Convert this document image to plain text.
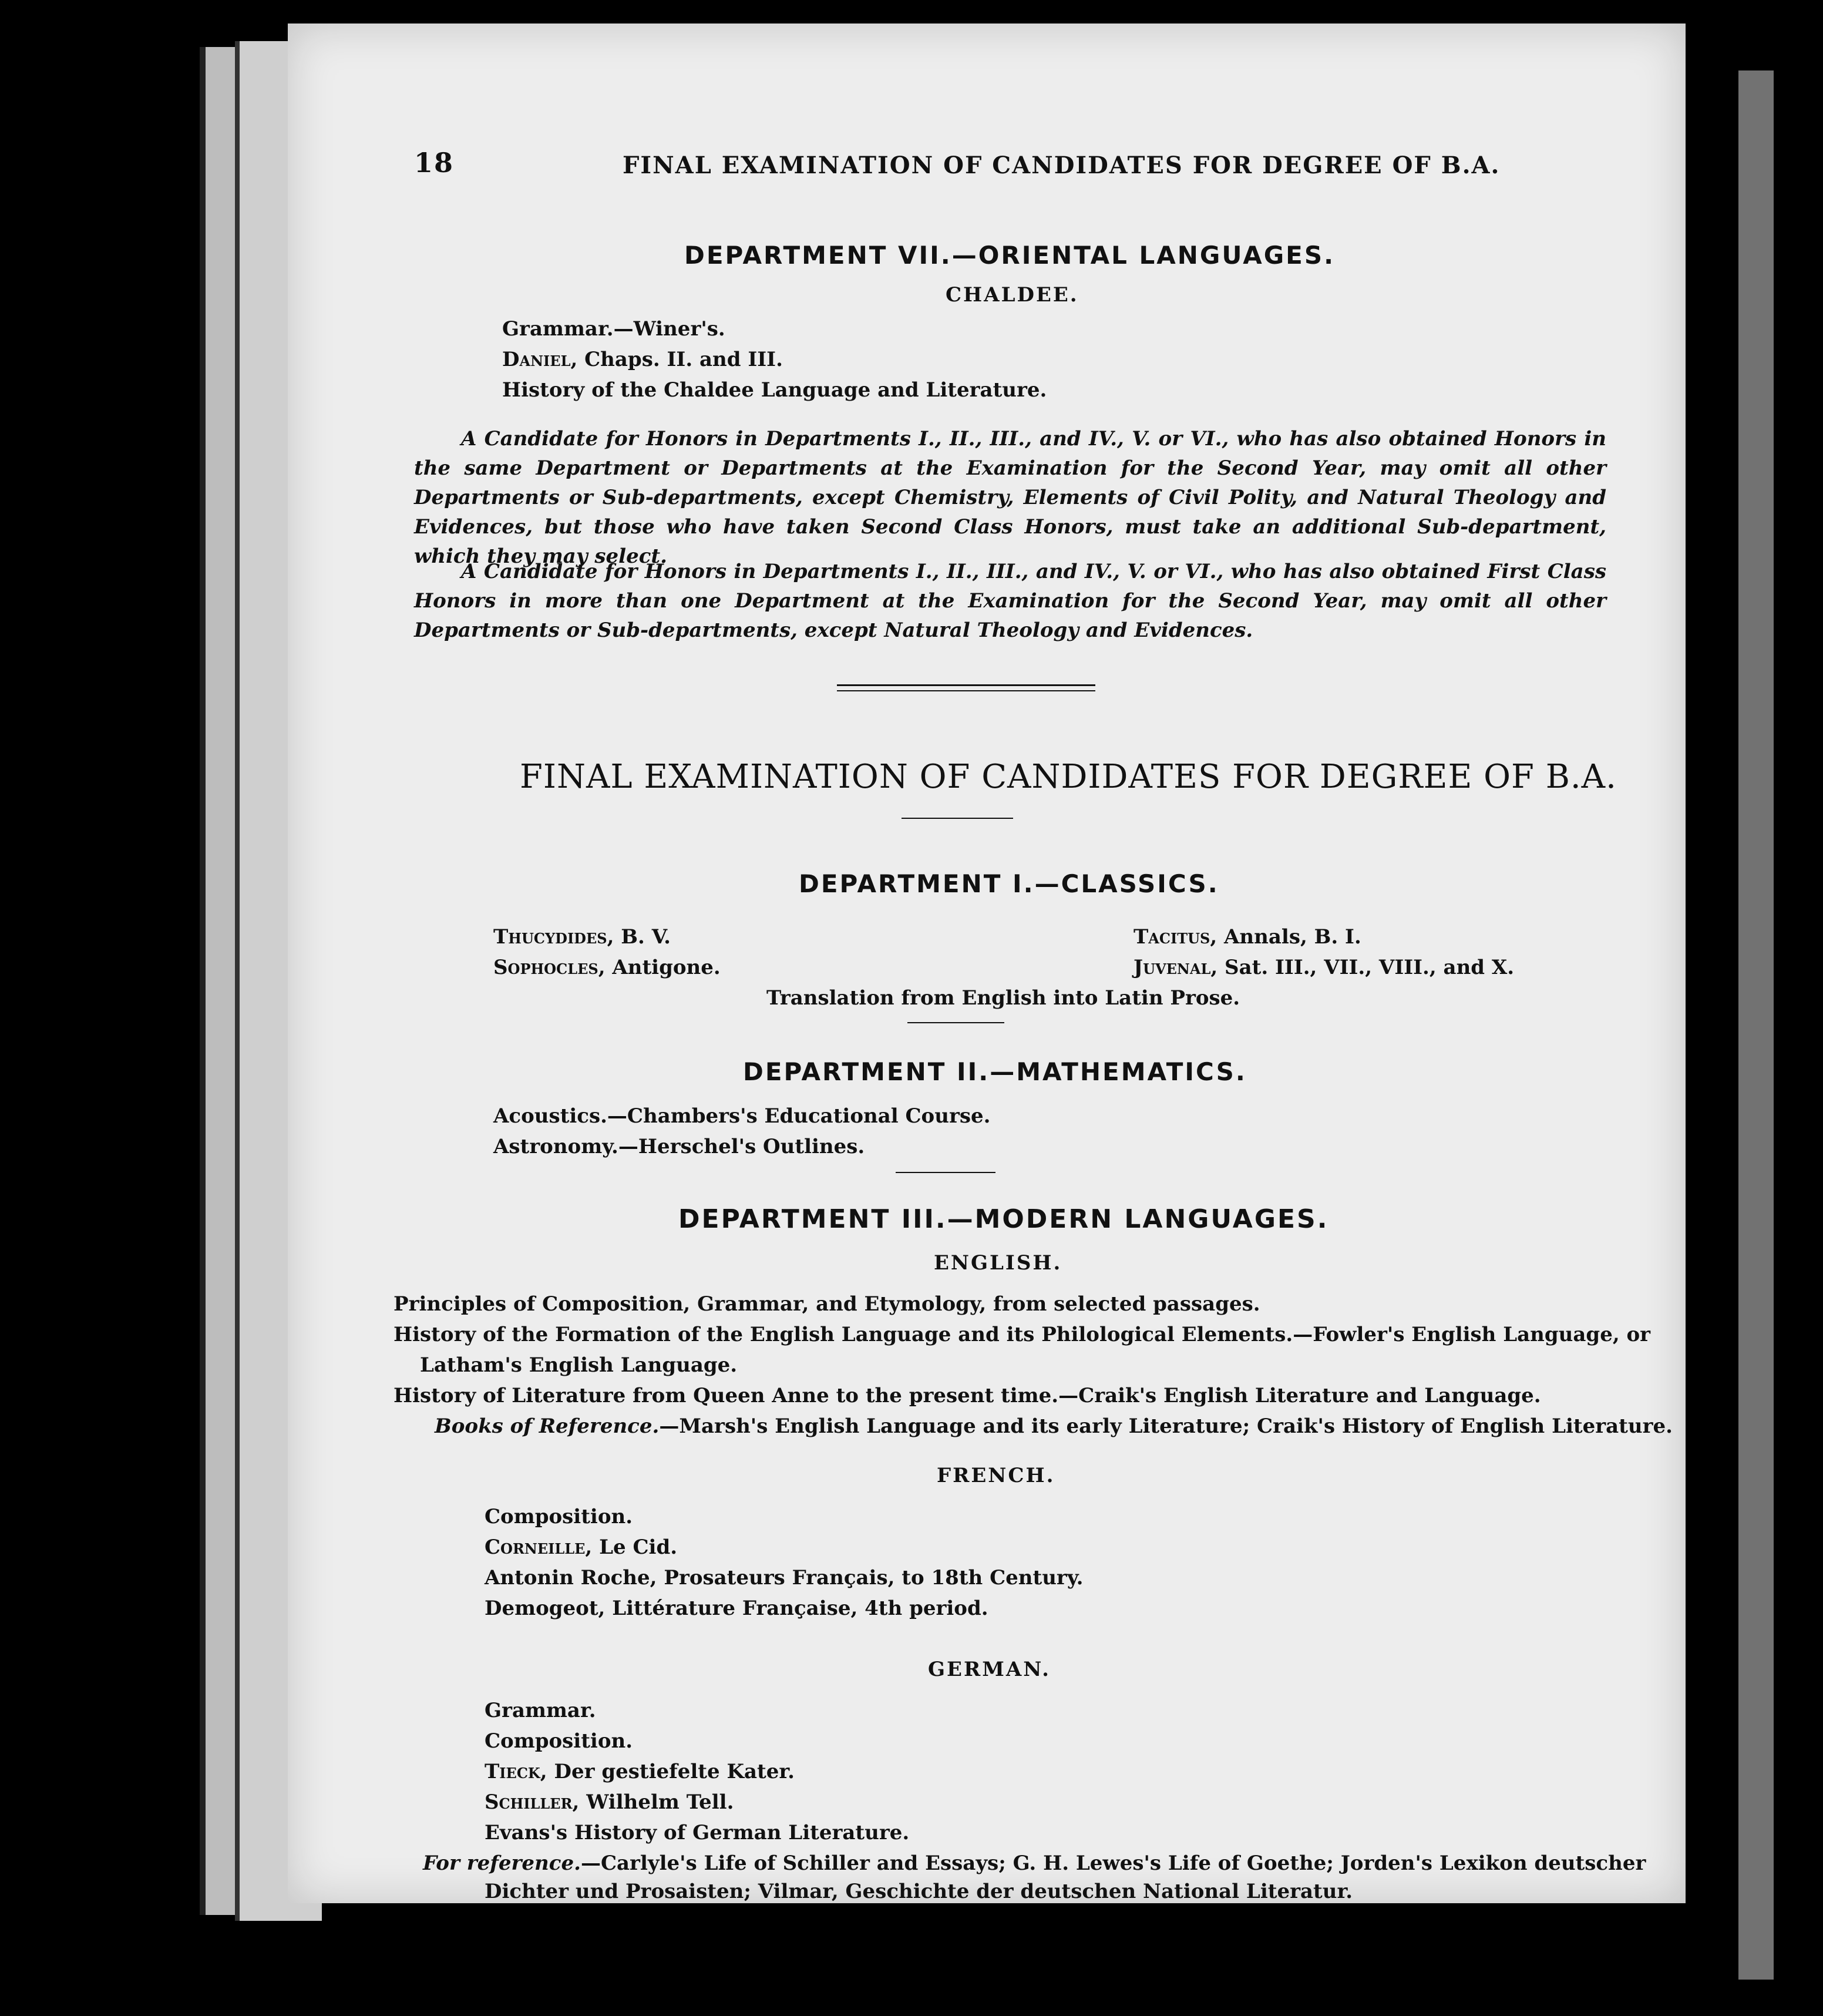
18	FINAL EXAMINATION OF CANDIDATES FOR DEGREE OF B.A.
DEPARTMENT VII.—ORIENTAL LANGUAGES.
CHALDEE.
Grammar.—Winer's.
Daniel, Chaps. II. and III.
History of the Chaldee Language and Literature.
A Candidate for Honors in Departments I., II., III., and IV., V. or VI., who has also obtained Honors in the same Department or Departments at the Examination for the Second Year, may omit all other Departments or Sub-departments, except Chemistry, Elements of Civil Polity, and Natural Theology and Evidences, but those who have taken Second Class Honors, must take an additional Sub-department, which they may select.
A Candidate for Honors in Departments I., II., III., and IV., V. or VI., who has also obtained First Class Honors in more than one Department at the Examination for the Second Year, may omit all other Departments or Sub-departments, except Natural Theology and Evidences.
FINAL EXAMINATION OF CANDIDATES FOR DEGREE OF B.A.
DEPARTMENT I.—CLASSICS.
Thucydides, B. V.
Sophocles, Antigone.
Tacitus, Annals, B. I.
Juvenal, Sat. III., VII., VIII., and X.
Translation from English into Latin Prose.
DEPARTMENT II.—MATHEMATICS.
Acoustics.—Chambers's Educational Course.
Astronomy.—Herschel's Outlines.
DEPARTMENT III.—MODERN LANGUAGES.
ENGLISH.
Principles of Composition, Grammar, and Etymology, from selected passages.
History of the Formation of the English Language and its Philological Elements.—Fowler's English Language, or
Latham's English Language.
History of Literature from Queen Anne to the present time.—Craik's English Literature and Language.
Books of Reference.—Marsh's English Language and its early Literature; Craik's History of English Literature.
FRENCH.
Composition.
Corneille, Le Cid.
Antonin Roche, Prosateurs Français, to 18th Century.
Demogeot, Littérature Française, 4th period.
GERMAN.
Grammar.
Composition.
Tieck, Der gestiefelte Kater.
Schiller, Wilhelm Tell.
Evans's History of German Literature.
For reference.—Carlyle's Life of Schiller and Essays; G. H. Lewes's Life of Goethe; Jorden's Lexikon deutscher
Dichter und Prosaisten; Vilmar, Geschichte der deutschen National Literatur.
